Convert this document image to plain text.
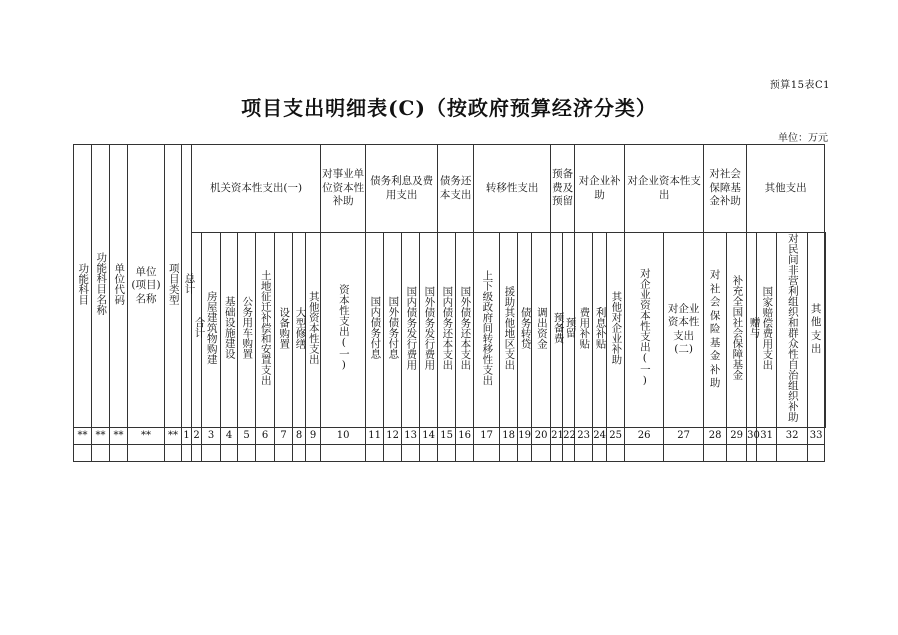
预算15表C1
项目支出明细表(C)（按政府预算经济分类）
单位：万元
功能科目	功能科目名称	单位代码	单位(项目)名称	项目类型	总计	机关资本性支出(一)								对事业单位资本性补助	债务利息及费用支出				债务还本支出		转移性支出				预备费及预留		对企业补助			对企业资本性支出		对社会保障基金补助		其他支出				

						合计	房屋建筑物购建	基础设施建设	公务用车购置	土地征迁补偿和安置支出	设备购置	大型修缮	其他资本性支出	资本性支出(一)	国内债务付息	国外债务付息	国内债务发行费用	国外债务发行费用	国内债务还本支出	国外债务还本支出	上下级政府间转移性支出	援助其他地区支出	债务转贷	调出资金	预备费	预留	费用补贴	利息补贴	其他对企业补助	对企业资本性支出(一)	对企业资本性支出(二)	对社会保险基金补助	补充全国社会保障基金	赠与	国家赔偿费用支出	对民间非营利组织和群众性自治组织补助	其他支出	

**	**	**	**	**	1	2	3	4	5	6	7	8	9	10	11	12	13	14	15	16	17	18	19	20	21	22	23	24	25	26	27	28	29	30	31	32	33	
